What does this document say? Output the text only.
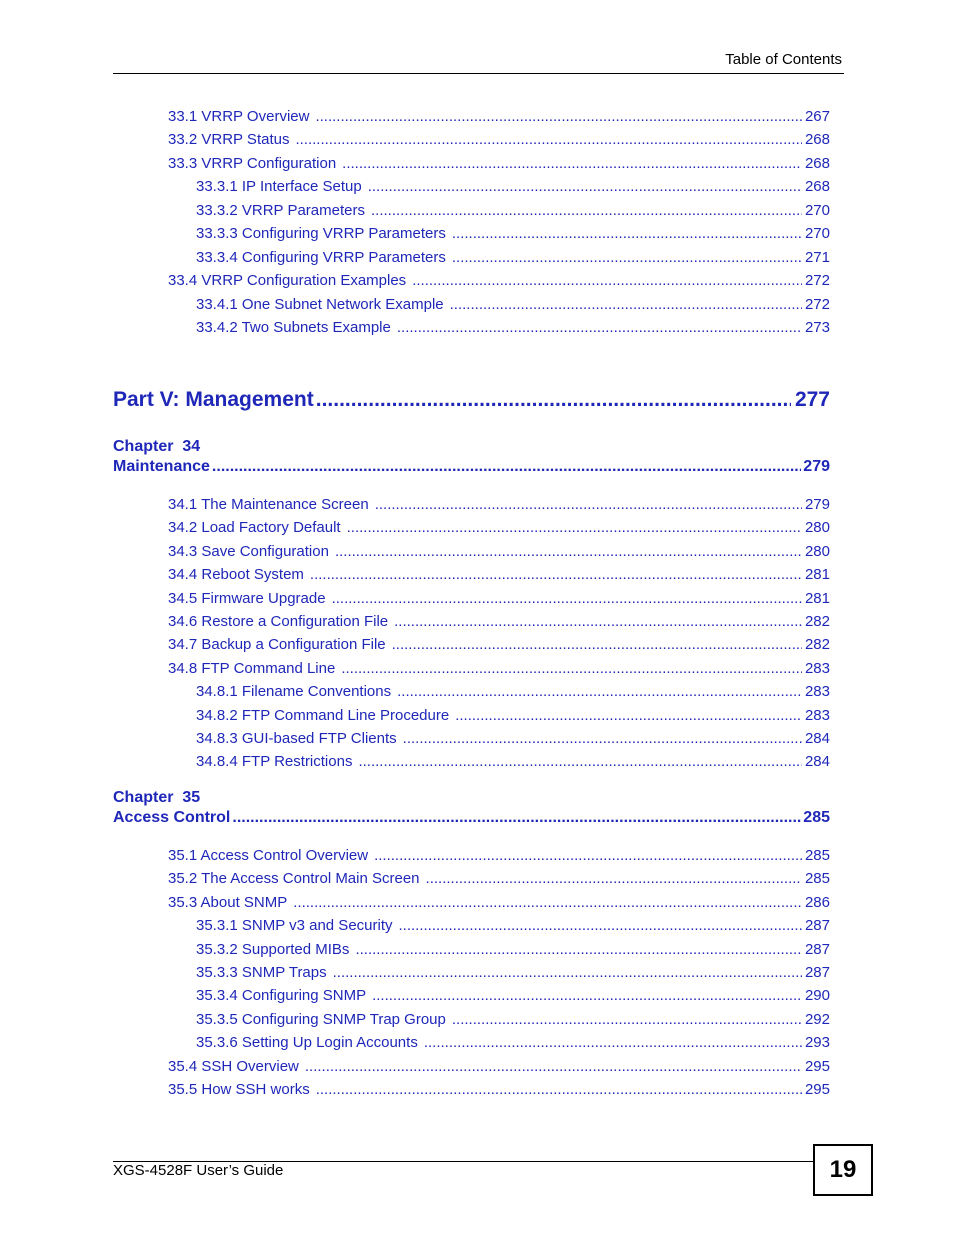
Table of Contents
33.1 VRRP Overview .....	267
33.2 VRRP Status .....	268
33.3 VRRP Configuration .....	268
33.3.1 IP Interface Setup .....	268
33.3.2 VRRP Parameters .....	270
33.3.3 Configuring VRRP Parameters .....	270
33.3.4 Configuring VRRP Parameters .....	271
33.4 VRRP Configuration Examples .....	272
33.4.1 One Subnet Network Example .....	272
33.4.2 Two Subnets Example .....	273
Part V: Management .....	277
Chapter  34
Maintenance .....	279
34.1 The Maintenance Screen .....	279
34.2 Load Factory Default .....	280
34.3 Save Configuration .....	280
34.4 Reboot System .....	281
34.5 Firmware Upgrade .....	281
34.6 Restore a Configuration File .....	282
34.7 Backup a Configuration File .....	282
34.8 FTP Command Line .....	283
34.8.1 Filename Conventions .....	283
34.8.2 FTP Command Line Procedure .....	283
34.8.3 GUI-based FTP Clients .....	284
34.8.4 FTP Restrictions .....	284
Chapter  35
Access Control .....	285
35.1 Access Control Overview .....	285
35.2 The Access Control Main Screen .....	285
35.3 About SNMP .....	286
35.3.1 SNMP v3 and Security .....	287
35.3.2 Supported MIBs .....	287
35.3.3 SNMP Traps .....	287
35.3.4 Configuring SNMP .....	290
35.3.5 Configuring SNMP Trap Group .....	292
35.3.6 Setting Up Login Accounts .....	293
35.4 SSH Overview .....	295
35.5 How SSH works .....	295
XGS-4528F User’s Guide	19
